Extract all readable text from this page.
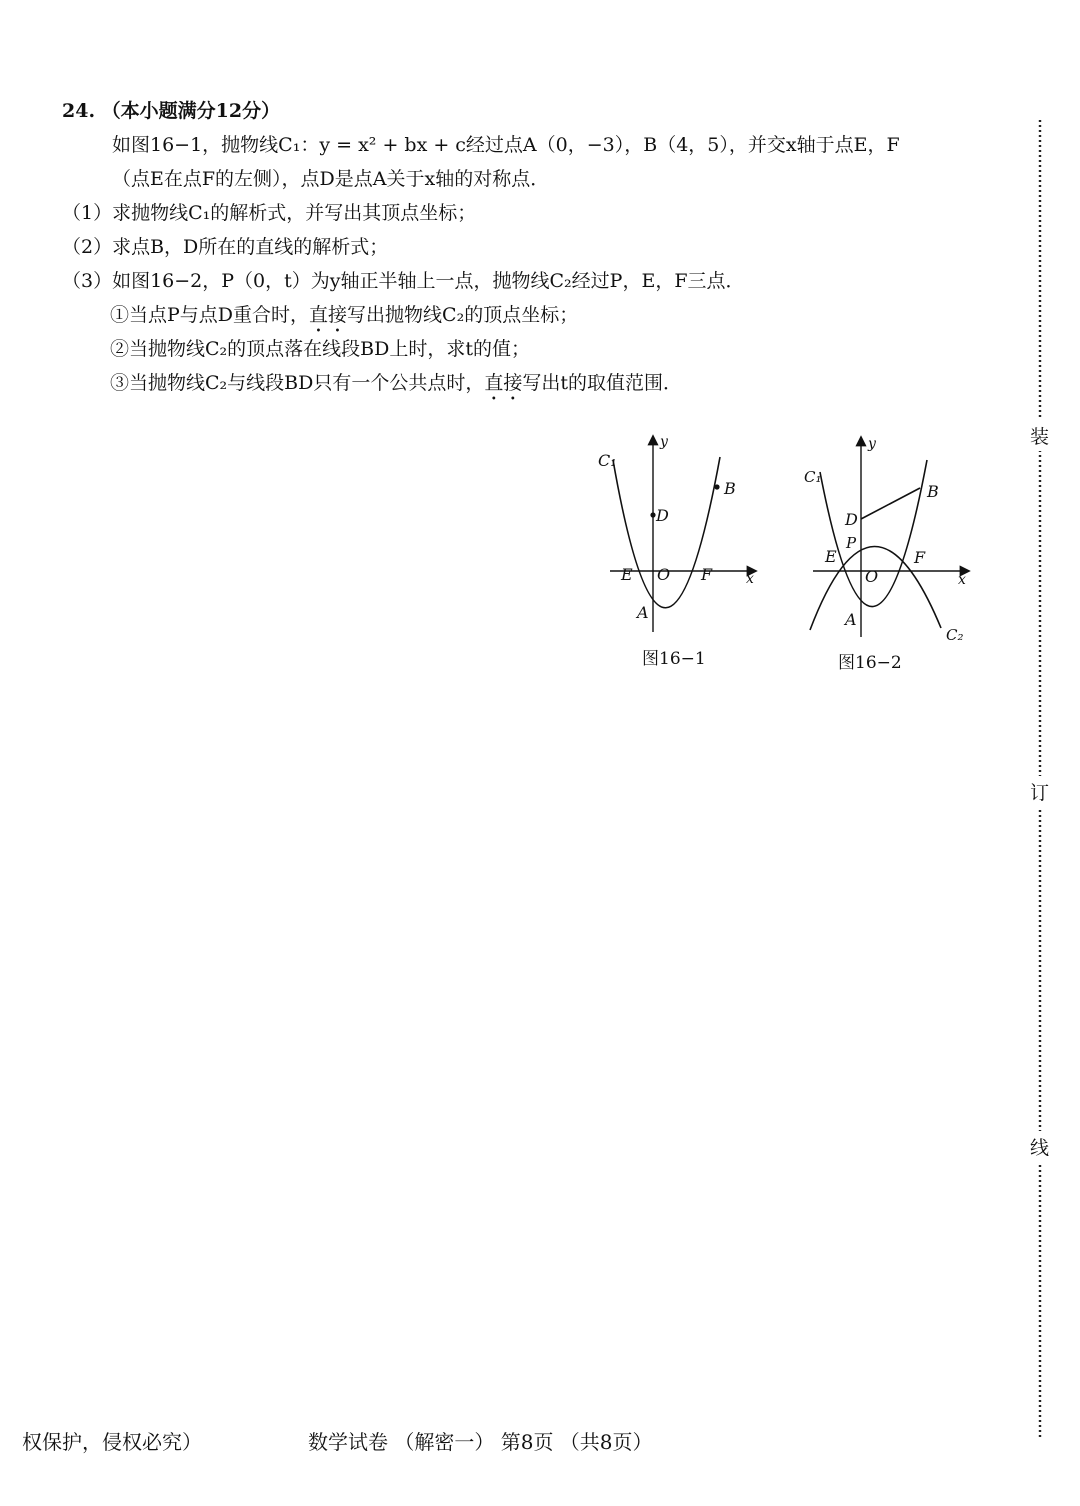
24. （本小题满分12分）
如图16−1，抛物线C₁：y = x² + bx + c经过点A（0，−3），B（4，5），并交x轴于点E，F
（点E在点F的左侧），点D是点A关于x轴的对称点．
（1）求抛物线C₁的解析式，并写出其顶点坐标；
（2）求点B，D所在的直线的解析式；
（3）如图16−2，P（0，t）为y轴正半轴上一点，抛物线C₂经过P，E，F三点．
①当点P与点D重合时，直接写出抛物线C₂的顶点坐标；
②当抛物线C₂的顶点落在线段BD上时，求t的值；
③当抛物线C₂与线段BD只有一个公共点时，直接写出t的取值范围．
C₁
y
x
D
B
E O F
A
图16−1
C₁
C₂
y
x
B
D
P
E	F
O
A
图16−2
装
订
线
权保护，侵权必究）	数学试卷 （解密一） 第8页 （共8页）
